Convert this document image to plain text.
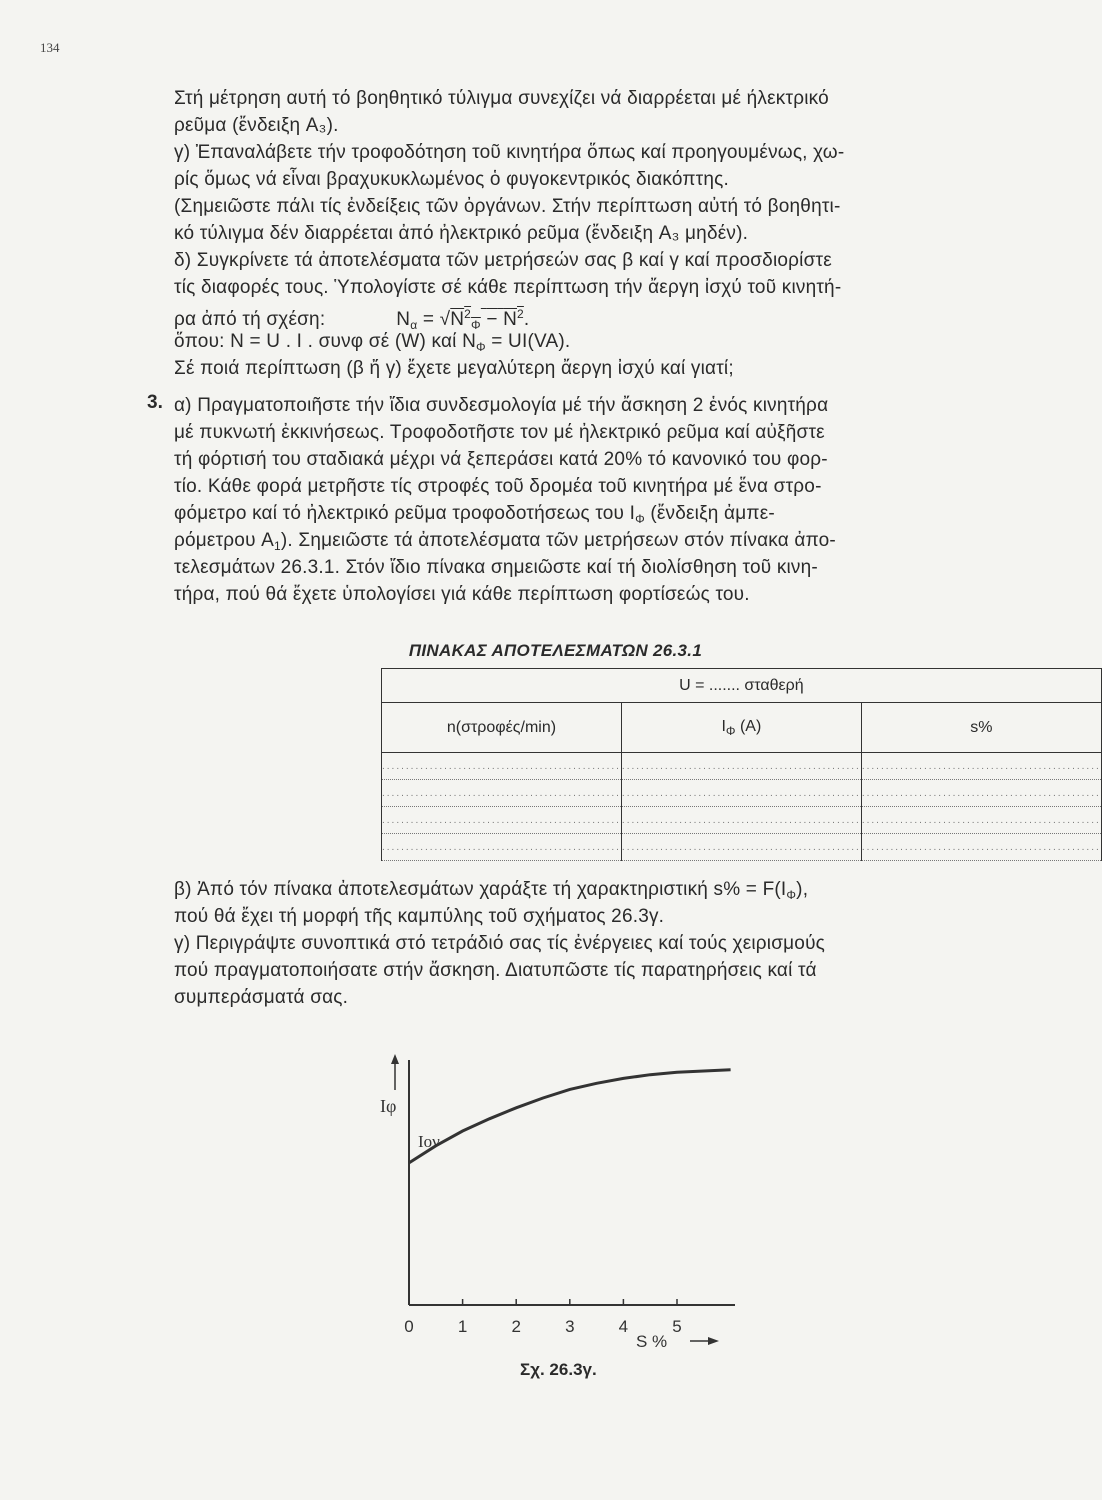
134
Στή μέτρηση αυτή τό βοηθητικό τύλιγμα συνεχίζει νά διαρρέεται μέ ήλεκτρικό
ρεῦμα (ἔνδειξη A₃).
γ) Ἐπαναλάβετε τήν τροφοδότηση τοῦ κινητήρα ὅπως καί προηγουμένως, χω-
ρίς ὅμως νά εἶναι βραχυκυκλωμένος ὁ φυγοκεντρικός διακόπτης.
(Σημειῶστε πάλι τίς ἐνδείξεις τῶν ὀργάνων. Στήν περίπτωση αὐτή τό βοηθητι-
κό τύλιγμα δέν διαρρέεται ἀπό ἠλεκτρικό ρεῦμα (ἔνδειξη A₃ μηδέν).
δ) Συγκρίνετε τά ἀποτελέσματα τῶν μετρήσεών σας β καί γ καί προσδιορίστε
τίς διαφορές τους. Ὑπολογίστε σέ κάθε περίπτωση τήν ἄεργη ἰσχύ τοῦ κινητή-
ρα ἀπό τή σχέση:	$N_\alpha = √N^2_\Phi - N^2$.
ὅπου: N = U . I . συνφ σέ (W) καί $N_\Phi = UI(VA)$.
Σέ ποιά περίπτωση (β ἤ γ) ἔχετε μεγαλύτερη ἄεργη ἰσχύ καί γιατί;
3. α) Πραγματοποιῆστε τήν ἴδια συνδεσμολογία μέ τήν ἄσκηση 2 ἑνός κινητήρα
μέ πυκνωτή ἐκκινήσεως. Τροφοδοτῆστε τον μέ ἠλεκτρικό ρεῦμα καί αὐξῆστε
τή φόρτισή του σταδιακά μέχρι νά ξεπεράσει κατά 20% τό κανονικό του φορ-
τίο. Κάθε φορά μετρῆστε τίς στροφές τοῦ δρομέα τοῦ κινητήρα μέ ἕνα στρο-
φόμετρο καί τό ἠλεκτρικό ρεῦμα τροφοδοτήσεως του $I_\Phi$ (ἔνδειξη ἀμπε-
ρόμετρου $A_1$). Σημειῶστε τά ἀποτελέσματα τῶν μετρήσεων στόν πίνακα ἀπο-
τελεσμάτων 26.3.1. Στόν ἴδιο πίνακα σημειῶστε καί τή διολίσθηση τοῦ κινη-
τήρα, πού θά ἔχετε ὑπολογίσει γιά κάθε περίπτωση φορτίσεώς του.
ΠΙΝΑΚΑΣ ΑΠΟΤΕΛΕΣΜΑΤΩΝ 26.3.1
U = ....... σταθερή		
n(στροφές/min)	$I_\Phi$ (A)	s%
..................................................	..................................................	..................................................
..................................................	..................................................	..................................................
..................................................	..................................................	..................................................
..................................................	..................................................	..................................................
β) Ἀπό τόν πίνακα ἀποτελεσμάτων χαράξτε τή χαρακτηριστική $s\% = F(I_\Phi)$,
πού θά ἔχει τή μορφή τῆς καμπύλης τοῦ σχήματος 26.3γ.
γ) Περιγράψτε συνοπτικά στό τετράδιό σας τίς ἐνέργειες καί τούς χειρισμούς
πού πραγματοποιήσατε στήν ἄσκηση. Διατυπῶστε τίς παρατηρήσεις καί τά
συμπεράσματά σας.
0	1	2	3	4	5
Iφ
Iον
S %
Σχ. 26.3γ.
